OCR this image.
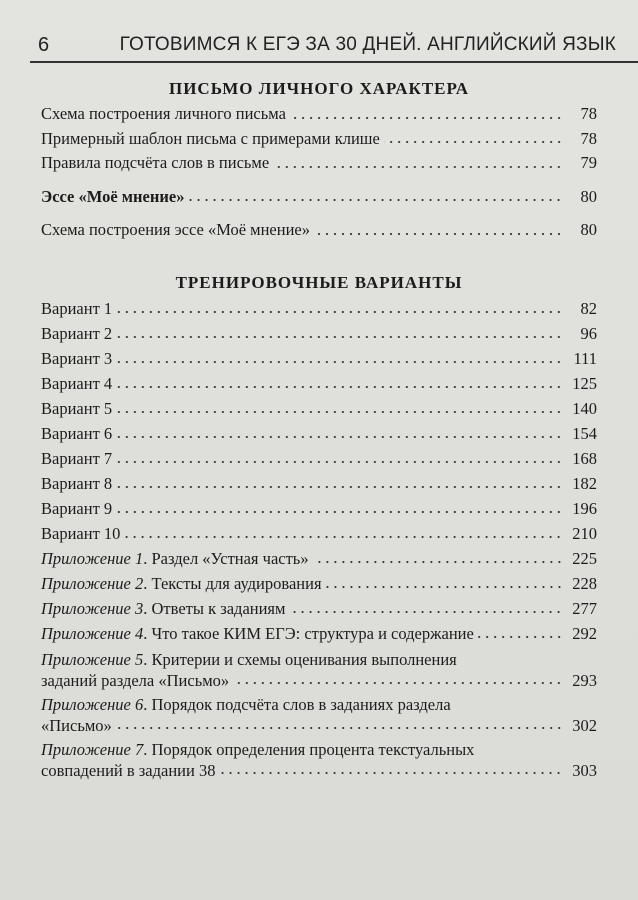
6	ГОТОВИМСЯ К ЕГЭ ЗА 30 ДНЕЙ. АНГЛИЙСКИЙ ЯЗЫК
ПИСЬМО ЛИЧНОГО ХАРАКТЕРА
Схема построения личного письма	78
Примерный шаблон письма с примерами клише	78
Правила подсчёта слов в письме	79
Эссе «Моё мнение»	80
Схема построения эссе «Моё мнение»	80
ТРЕНИРОВОЧНЫЕ ВАРИАНТЫ
Вариант 1	82
Вариант 2	96
Вариант 3	111
Вариант 4	125
Вариант 5	140
Вариант 6	154
Вариант 7	168
Вариант 8	182
Вариант 9	196
Вариант 10	210
Приложение 1. Раздел «Устная часть»	225
Приложение 2. Тексты для аудирования	228
Приложение 3. Ответы к заданиям	277
Приложение 4. Что такое КИМ ЕГЭ: структура и содержание	292
Приложение 5. Критерии и схемы оценивания выполнения
заданий раздела «Письмо»	293
Приложение 6. Порядок подсчёта слов в заданиях раздела
«Письмо»	302
Приложение 7. Порядок определения процента текстуальных
совпадений в задании 38	303
